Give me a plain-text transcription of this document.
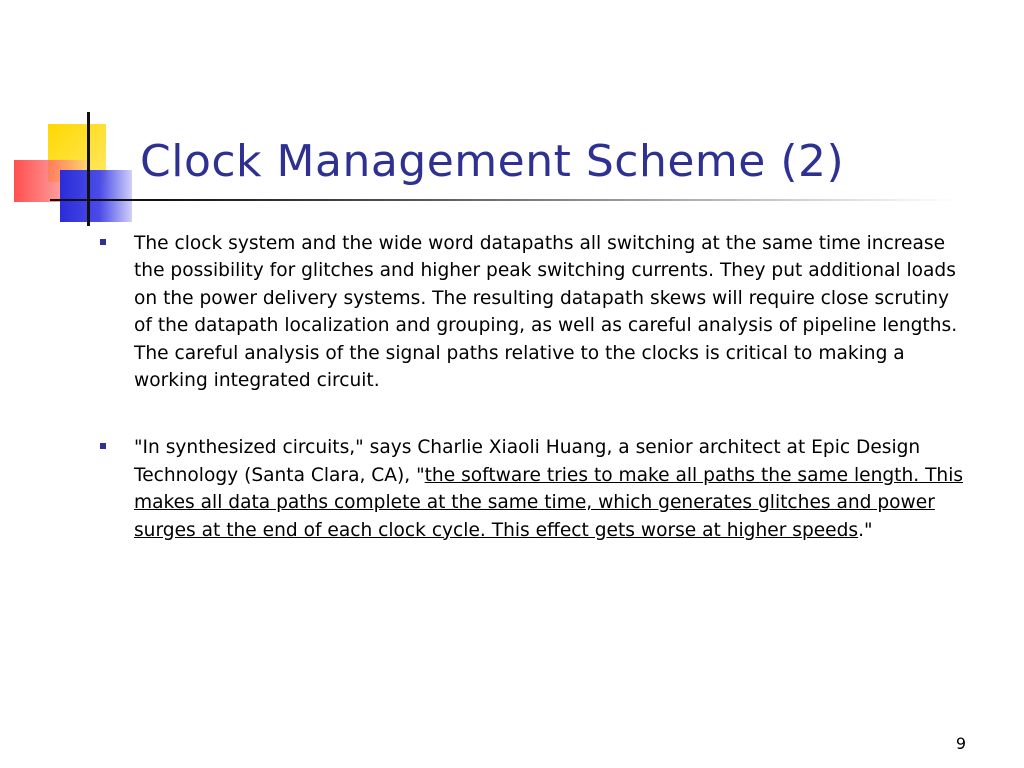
Clock Management Scheme (2)
The clock system and the wide word datapaths all switching at the same time increase the possibility for glitches and higher peak switching currents. They put additional loads on the power delivery systems. The resulting datapath skews will require close scrutiny of the datapath localization and grouping, as well as careful analysis of pipeline lengths. The careful analysis of the signal paths relative to the clocks is critical to making a working integrated circuit.
"In synthesized circuits," says Charlie Xiaoli Huang, a senior architect at Epic Design Technology (Santa Clara, CA), "the software tries to make all paths the same length. This makes all data paths complete at the same time, which generates glitches and power surges at the end of each clock cycle. This effect gets worse at higher speeds."
9
